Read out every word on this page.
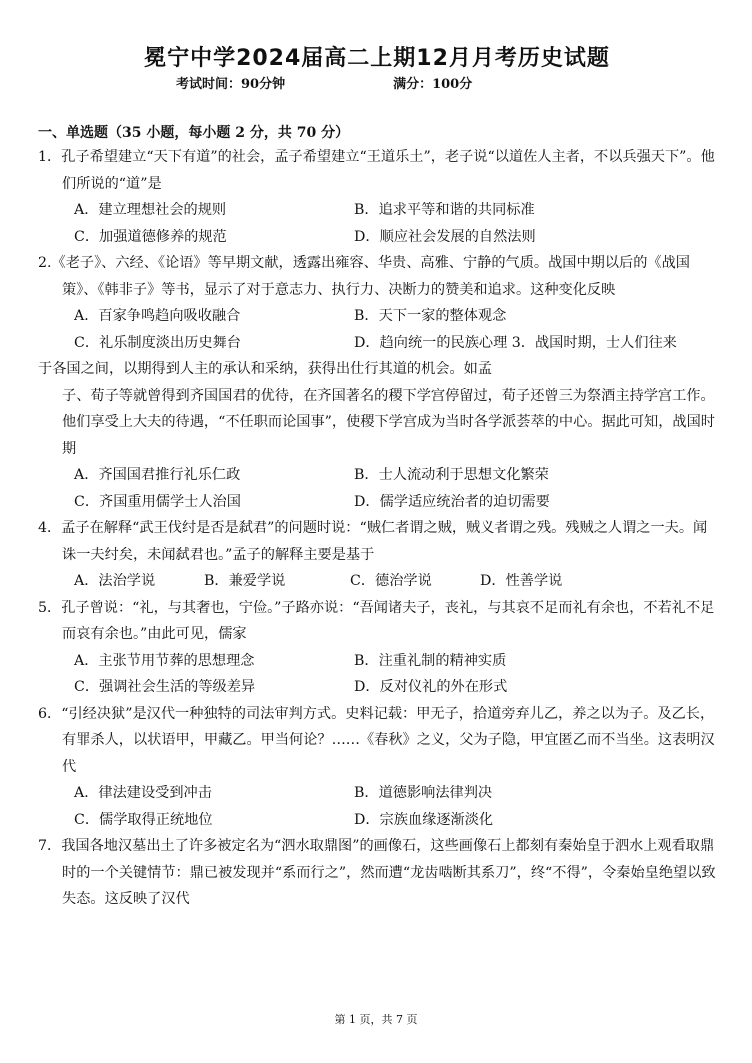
冕宁中学2024届高二上期12月月考历史试题
考试时间：90分钟	满分：100分
一、单选题（35 小题，每小题 2 分，共 70 分）
1．孔子希望建立“天下有道”的社会，孟子希望建立“王道乐土”，老子说“以道佐人主者，不以兵强天下”。他们所说的“道”是
A．建立理想社会的规则	B．追求平等和谐的共同标准
C．加强道德修养的规范	D．顺应社会发展的自然法则
2.《老子》、六经、《论语》等早期文献，透露出雍容、华贵、高雅、宁静的气质。战国中期以后的《战国策》、《韩非子》等书，显示了对于意志力、执行力、决断力的赞美和追求。这种变化反映
A．百家争鸣趋向吸收融合	B．天下一家的整体观念
C．礼乐制度淡出历史舞台	D．趋向统一的民族心理 3．战国时期，士人们往来
于各国之间，以期得到人主的承认和采纳，获得出仕行其道的机会。如孟
子、荀子等就曾得到齐国国君的优待，在齐国著名的稷下学宫停留过，荀子还曾三为祭酒主持学宫工作。他们享受上大夫的待遇，“不任职而论国事”，使稷下学宫成为当时各学派荟萃的中心。据此可知，战国时期
A．齐国国君推行礼乐仁政	B．士人流动利于思想文化繁荣
C．齐国重用儒学士人治国	D．儒学适应统治者的迫切需要
4．孟子在解释“武王伐纣是否是弑君”的问题时说：“贼仁者谓之贼，贼义者谓之残。残贼之人谓之一夫。闻诛一夫纣矣，未闻弑君也。”孟子的解释主要是基于
A．法治学说	B．兼爱学说	C．德治学说	D．性善学说
5．孔子曾说：“礼，与其奢也，宁俭。”子路亦说：“吾闻诸夫子，丧礼，与其哀不足而礼有余也，不若礼不足而哀有余也。”由此可见，儒家
A．主张节用节葬的思想理念	B．注重礼制的精神实质
C．强调社会生活的等级差异	D．反对仪礼的外在形式
6．“引经决狱”是汉代一种独特的司法审判方式。史料记载：甲无子，拾道旁弃儿乙，养之以为子。及乙长，有罪杀人，以状语甲，甲藏乙。甲当何论？……《春秋》之义，父为子隐，甲宜匿乙而不当坐。这表明汉代
A．律法建设受到冲击	B．道德影响法律判决
C．儒学取得正统地位	D．宗族血缘逐渐淡化
7．我国各地汉墓出土了许多被定名为“泗水取鼎图”的画像石，这些画像石上都刻有秦始皇于泗水上观看取鼎时的一个关键情节：鼎已被发现并“系而行之”，然而遭“龙齿啮断其系刀”，终“不得”，令秦始皇绝望以致失态。这反映了汉代
第 1 页，共 7 页
